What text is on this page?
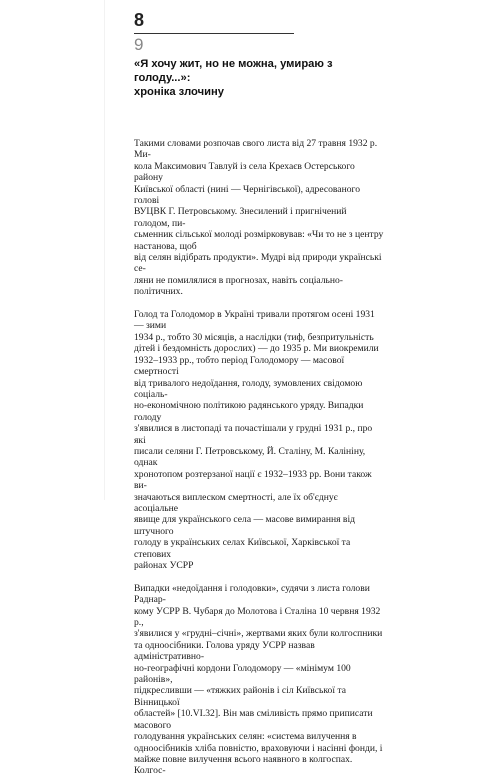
8
9
«Я хочу жит, но не можна, умираю з голоду...»:
хроніка злочину

Такими словами розпочав свого листа від 27 травня 1932 р. Ми-
кола Максимович Тавлуй із села Крехаєв Остерського району
Київської області (нині — Чернігівської), адресованого голові
ВУЦВК Г. Петровському. Знесилений і пригнічений голодом, пи-
сьменник сільської молоді розмірковував: «Чи то не з центру настанова, щоб
від селян відібрать продукти». Мудрі від природи українські се-
ляни не помилялися в прогнозах, навіть соціально-політичних.

Голод та Голодомор в Україні тривали протягом осені 1931 — зими
1934 р., тобто 30 місяців, а наслідки (тиф, безпритульність
дітей і бездомність дорослих) — до 1935 р. Ми виокремили
1932–1933 рр., тобто період Голодомору — масової смертності
від тривалого недоїдання, голоду, зумовлених свідомою соціаль-
но-економічною політикою радянського уряду. Випадки голоду
з'явилися в листопаді та почастішали у грудні 1931 р., про які
писали селяни Г. Петровському, Й. Сталіну, М. Калініну, однак
хронотопом розтерзаної нації є 1932–1933 рр. Вони також ви-
значаються виплеском смертності, але їх об'єднує асоціальне
явище для українського села — масове вимирання від штучного
голоду в українських селах Київської, Харківської та степових
районах УСРР

Випадки «недоїдання і голодовки», судячи з листа голови Раднар-
кому УСРР В. Чубаря до Молотова і Сталіна 10 червня 1932 р.,
з'явилися у «грудні–січні», жертвами яких були колгоспники
та одноосібники. Голова уряду УСРР назвав адміністративно-
но-географічні кордони Голодомору — «мінімум 100 районів»,
підкресливши — «тяжких районів і сіл Київської та Вінницької
областей» [10.VI.32]. Він мав сміливість прямо приписати масового
голодування українських селян: «система вилучення в
одноосібників хліба повністю, враховуючи і насінні фонди, і
майже повне вилучення всього наявного в колгоспах. Колгос-
